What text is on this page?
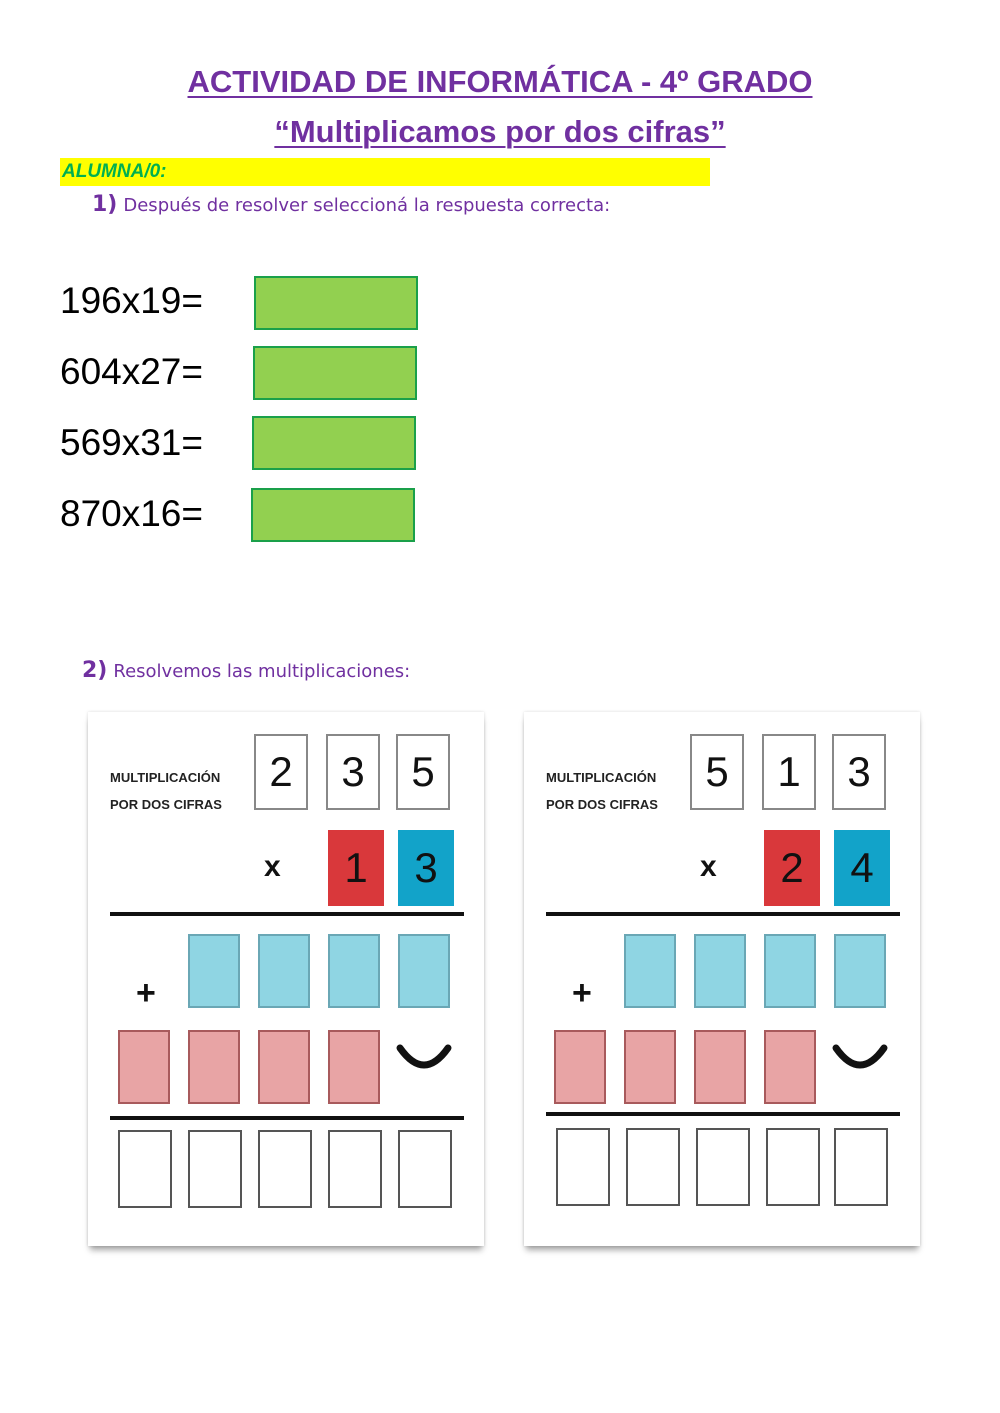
ACTIVIDAD DE INFORMÁTICA - 4º GRADO
“Multiplicamos por dos cifras”
ALUMNA/0:
1) Después de resolver seleccioná la respuesta correcta:
196x19=
604x27=
569x31=
870x16=
2) Resolvemos las multiplicaciones:
MULTIPLICACIÓN
POR DOS CIFRAS
2	3	5
x	1	3
+
MULTIPLICACIÓN
POR DOS CIFRAS
5	1	3
x	2	4
+
